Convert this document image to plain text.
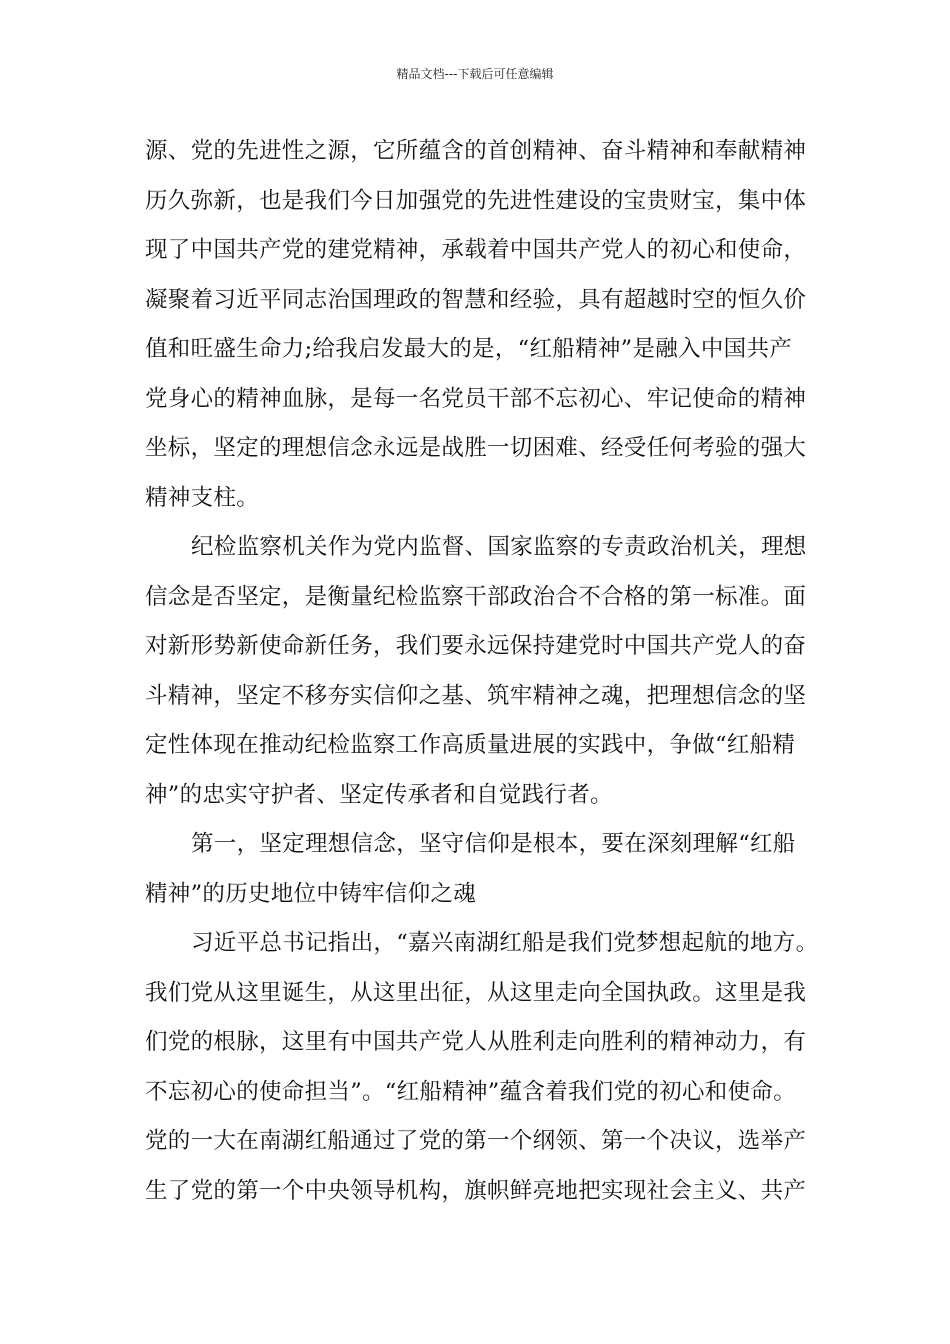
精品文档---下载后可任意编辑
源、党的先进性之源，它所蕴含的首创精神、奋斗精神和奉献精神
历久弥新，也是我们今日加强党的先进性建设的宝贵财宝，集中体
现了中国共产党的建党精神，承载着中国共产党人的初心和使命，
凝聚着习近平同志治国理政的智慧和经验，具有超越时空的恒久价
值和旺盛生命力;给我启发最大的是，“红船精神”是融入中国共产
党身心的精神血脉，是每一名党员干部不忘初心、牢记使命的精神
坐标，坚定的理想信念永远是战胜一切困难、经受任何考验的强大
精神支柱。
纪检监察机关作为党内监督、国家监察的专责政治机关，理想
信念是否坚定，是衡量纪检监察干部政治合不合格的第一标准。面
对新形势新使命新任务，我们要永远保持建党时中国共产党人的奋
斗精神，坚定不移夯实信仰之基、筑牢精神之魂，把理想信念的坚
定性体现在推动纪检监察工作高质量进展的实践中，争做“红船精
神”的忠实守护者、坚定传承者和自觉践行者。
第一，坚定理想信念，坚守信仰是根本，要在深刻理解“红船
精神”的历史地位中铸牢信仰之魂
习近平总书记指出，“嘉兴南湖红船是我们党梦想起航的地方。
我们党从这里诞生，从这里出征，从这里走向全国执政。这里是我
们党的根脉，这里有中国共产党人从胜利走向胜利的精神动力，有
不忘初心的使命担当”。“红船精神”蕴含着我们党的初心和使命。
党的一大在南湖红船通过了党的第一个纲领、第一个决议，选举产
生了党的第一个中央领导机构，旗帜鲜亮地把实现社会主义、共产
